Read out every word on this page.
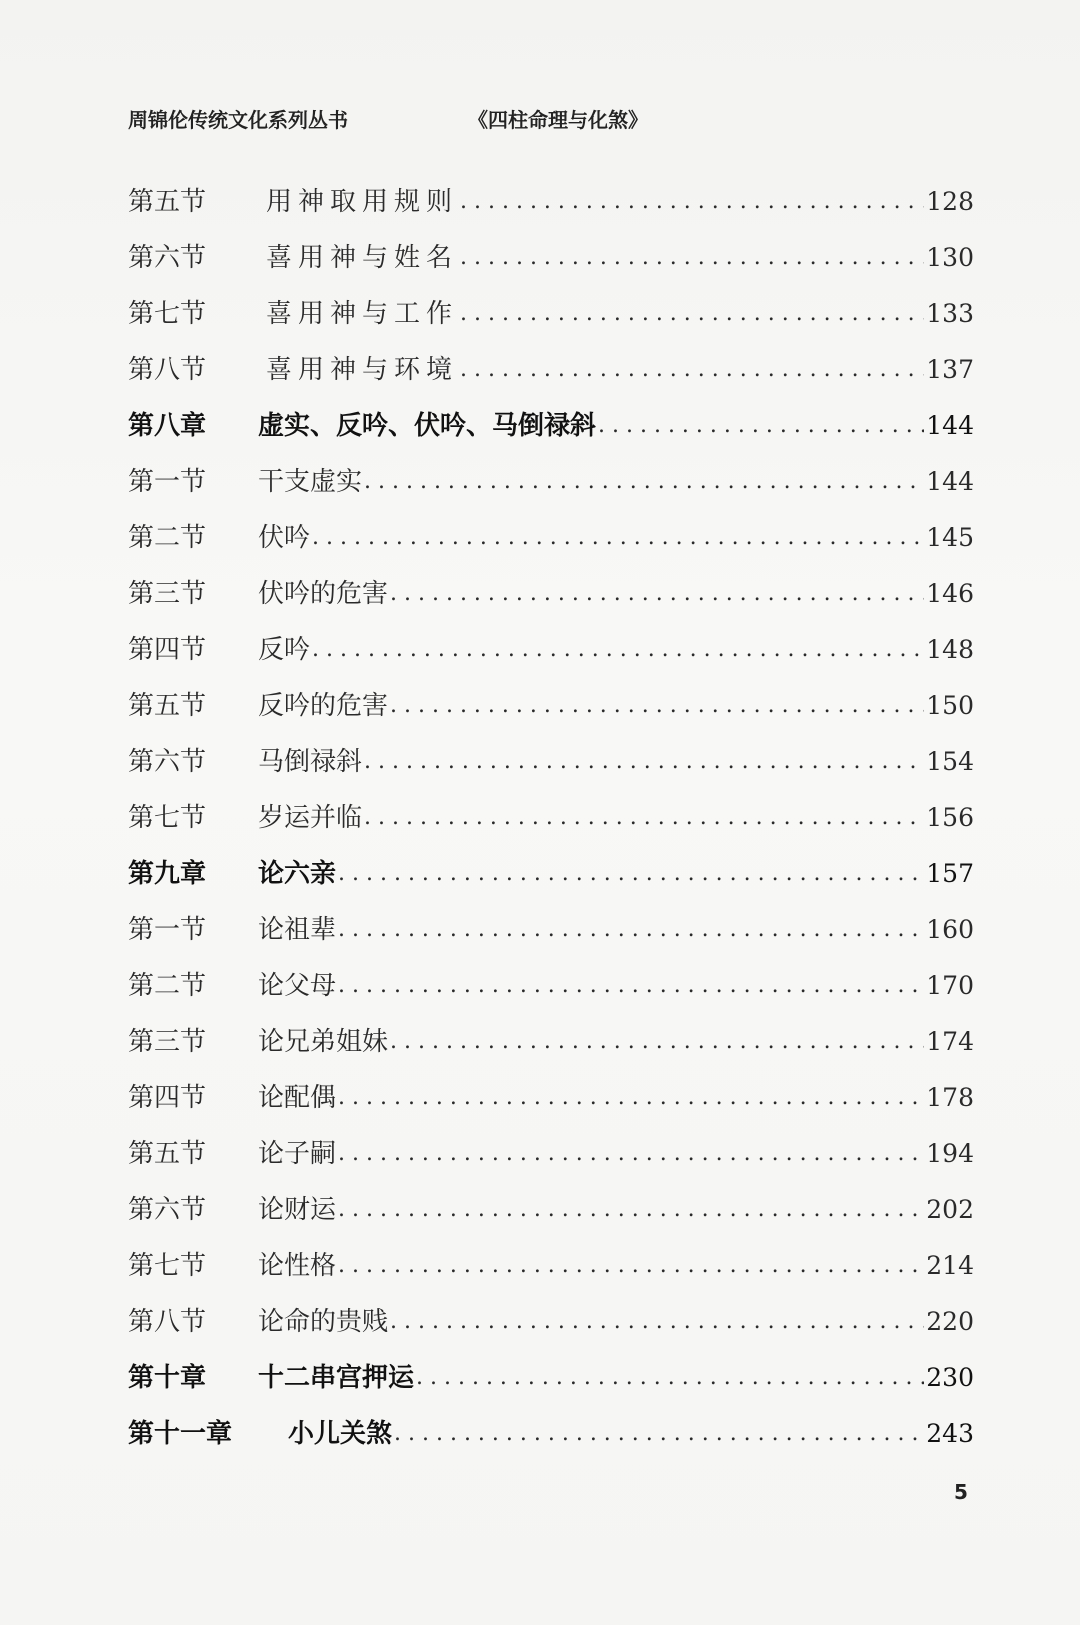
周锦伦传统文化系列丛书	《四柱命理与化煞》
第五节	用神取用规则 . . .	128
第六节	喜用神与姓名 . . .	130
第七节	喜用神与工作 . . .	133
第八节	喜用神与环境 . . .	137
第八章	虚实、反吟、伏吟、马倒禄斜 . . .	144
第一节	干支虚实 . . .	144
第二节	伏吟 . . .	145
第三节	伏吟的危害 . . .	146
第四节	反吟 . . .	148
第五节	反吟的危害 . . .	150
第六节	马倒禄斜 . . .	154
第七节	岁运并临 . . .	156
第九章	论六亲 . . .	157
第一节	论祖辈 . . .	160
第二节	论父母 . . .	170
第三节	论兄弟姐妹 . . .	174
第四节	论配偶 . . .	178
第五节	论子嗣 . . .	194
第六节	论财运 . . .	202
第七节	论性格 . . .	214
第八节	论命的贵贱 . . .	220
第十章	十二串宫押运 . . .	230
第十一章	小儿关煞 . . .	243
5
